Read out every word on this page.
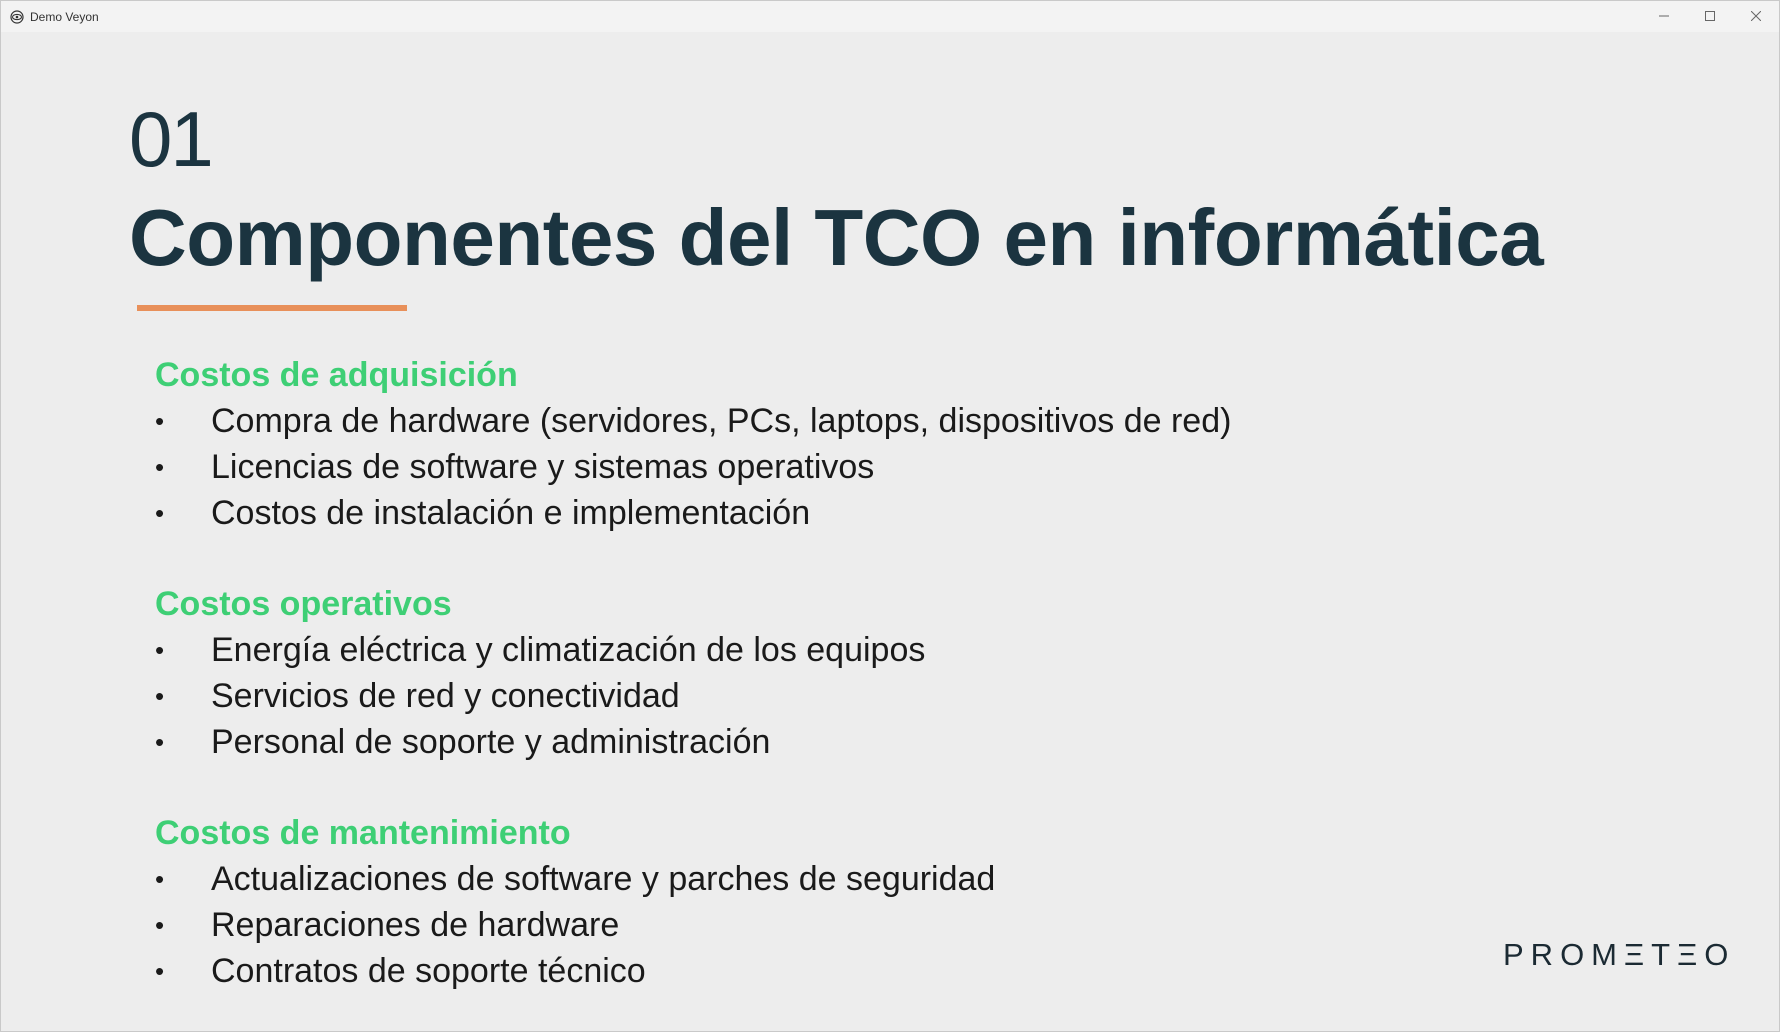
Demo Veyon
01
Componentes del TCO en informática

Costos de adquisición

• Compra de hardware (servidores, PCs, laptops, dispositivos de red)
• Licencias de software y sistemas operativos
• Costos de instalación e implementación

Costos operativos

• Energía eléctrica y climatización de los equipos
• Servicios de red y conectividad
• Personal de soporte y administración

Costos de mantenimiento

• Actualizaciones de software y parches de seguridad
• Reparaciones de hardware
• Contratos de soporte técnico	PROMΞTΞO
